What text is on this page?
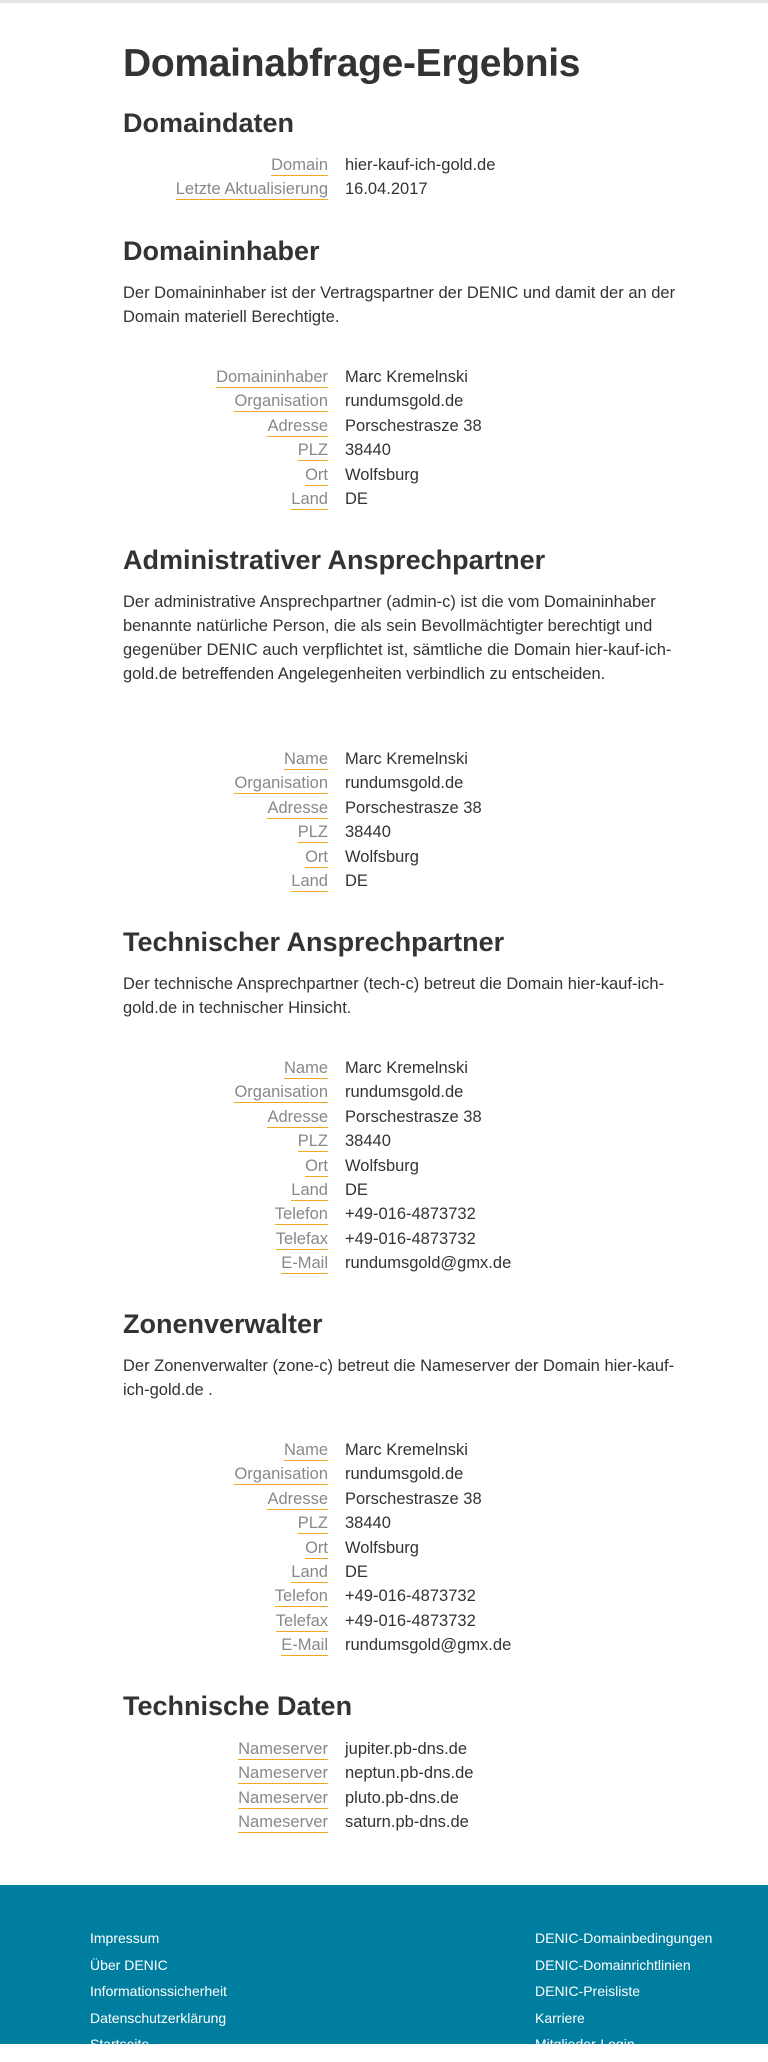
Domainabfrage-Ergebnis
Domaindaten
Domain hier-kauf-ich-gold.de
Letzte Aktualisierung 16.04.2017
Domaininhaber

Der Domaininhaber ist der Vertragspartner der DENIC und damit der an der Domain materiell Berechtigte.

Domaininhaber Marc Kremelnski
Organisation rundumsgold.de
Adresse Porschestrasze 38
PLZ 38440
Ort Wolfsburg
Land DE
Administrativer Ansprechpartner

Der administrative Ansprechpartner (admin-c) ist die vom Domaininhaber benannte natürliche Person, die als sein Bevollmächtigter berechtigt und gegenüber DENIC auch verpflichtet ist, sämtliche die Domain hier-kauf-ich-gold.de betreffenden Angelegenheiten verbindlich zu entscheiden.

Name Marc Kremelnski
Organisation rundumsgold.de
Adresse Porschestrasze 38
PLZ 38440
Ort Wolfsburg
Land DE
Technischer Ansprechpartner

Der technische Ansprechpartner (tech-c) betreut die Domain hier-kauf-ich-gold.de in technischer Hinsicht.

Name Marc Kremelnski
Organisation rundumsgold.de
Adresse Porschestrasze 38
PLZ 38440
Ort Wolfsburg
Land DE
Telefon +49-016-4873732
Telefax +49-016-4873732
E-Mail rundumsgold@gmx.de
Zonenverwalter

Der Zonenverwalter (zone-c) betreut die Nameserver der Domain hier-kauf-ich-gold.de .

Name Marc Kremelnski
Organisation rundumsgold.de
Adresse Porschestrasze 38
PLZ 38440
Ort Wolfsburg
Land DE
Telefon +49-016-4873732
Telefax +49-016-4873732
E-Mail rundumsgold@gmx.de
Technische Daten
Nameserver jupiter.pb-dns.de
Nameserver neptun.pb-dns.de
Nameserver pluto.pb-dns.de
Nameserver saturn.pb-dns.de
Impressum
Über DENIC
Informationssicherheit
Datenschutzerklärung
Startseite
DENIC-Domainbedingungen
DENIC-Domainrichtlinien
DENIC-Preisliste
Karriere
Mitglieder-Login
